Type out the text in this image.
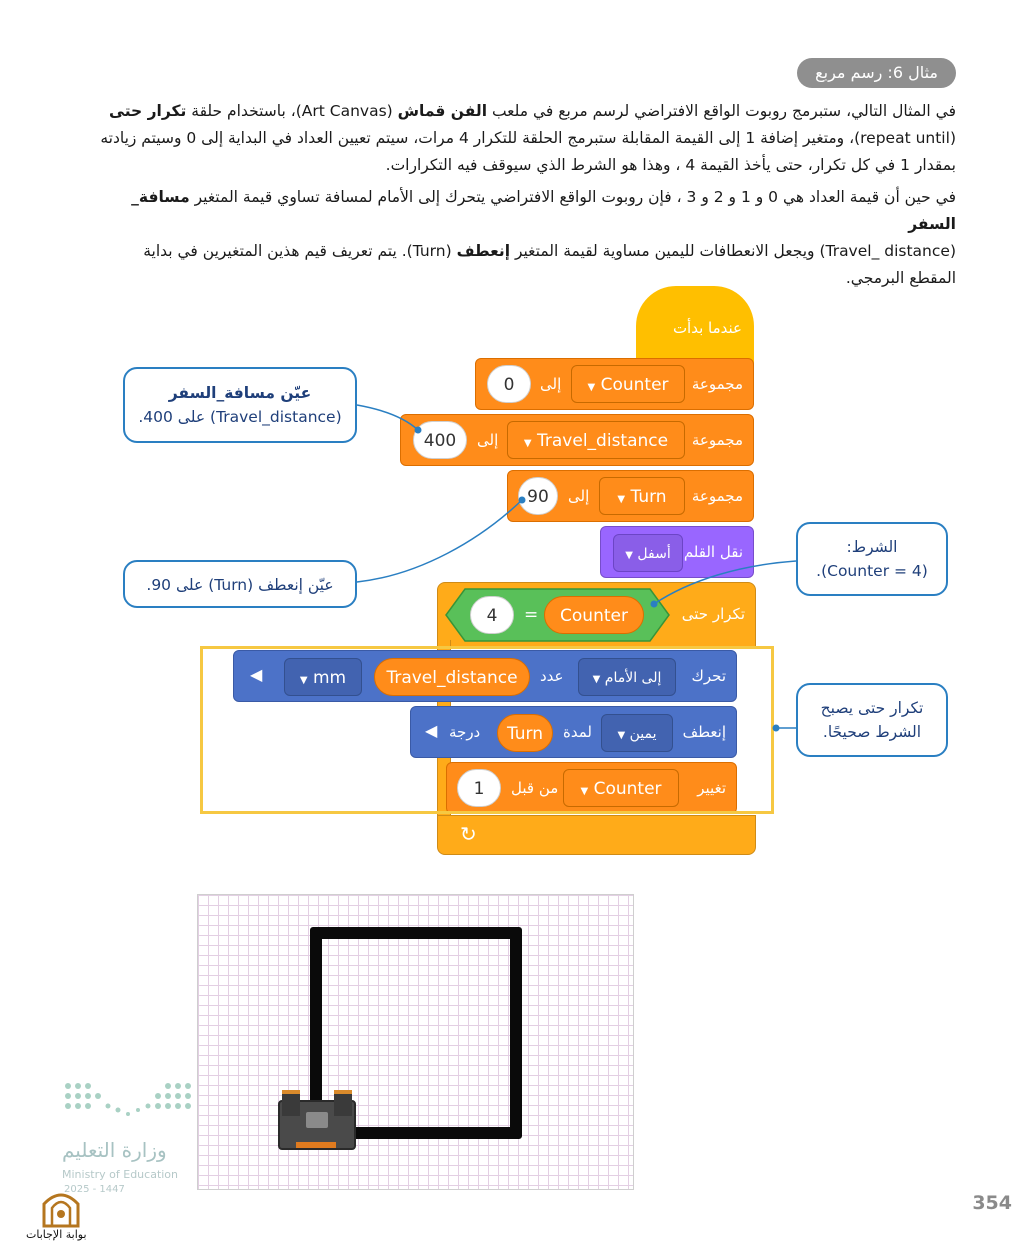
مثال 6: رسم مربع
في المثال التالي، ستبرمج روبوت الواقع الافتراضي لرسم مربع في ملعب الفن قماش (Art Canvas)، باستخدام حلقة تكرار حتى
(repeat until)، ومتغير إضافة 1 إلى القيمة المقابلة ستبرمج الحلقة للتكرار 4 مرات، سيتم تعيين العداد في البداية إلى 0 وسيتم زيادته
بمقدار 1 في كل تكرار، حتى يأخذ القيمة 4 ، وهذا هو الشرط الذي سيوقف فيه التكرارات.
في حين أن قيمة العداد هي 0 و 1 و 2 و 3 ، فإن روبوت الواقع الافتراضي يتحرك إلى الأمام لمسافة تساوي قيمة المتغير مسافة_ السفر
(Travel_ distance) ويجعل الانعطافات لليمين مساوية لقيمة المتغير إنعطف (Turn). يتم تعريف قيم هذين المتغيرين في بداية
المقطع البرمجي.
عندما بدأت
مجموعة
▼ Counter
إلى
0
مجموعة
▼ Travel_distance
إلى
400
مجموعة
▼ Turn
إلى
90
نقل القلم
▼ أسفل
تكرار حتى
↻
4	=	Counter
تحرك
▼ إلى الأمام
عدد
Travel_distance
▼ mm
◀
إنعطف
▼ يمين
لمدة
Turn
درجة
◀
تغيير
▼ Counter
من قبل
1
عيّن مسافة_السفر
(Travel_distance) على 400.
عيّن إنعطف (Turn) على 90.
الشرط:
(Counter = 4).
تكرار حتى يصبح
الشرط صحيحًا.
وزارة التعليم
Ministry of Education
2025 - 1447
بوابة الإجابات
354
